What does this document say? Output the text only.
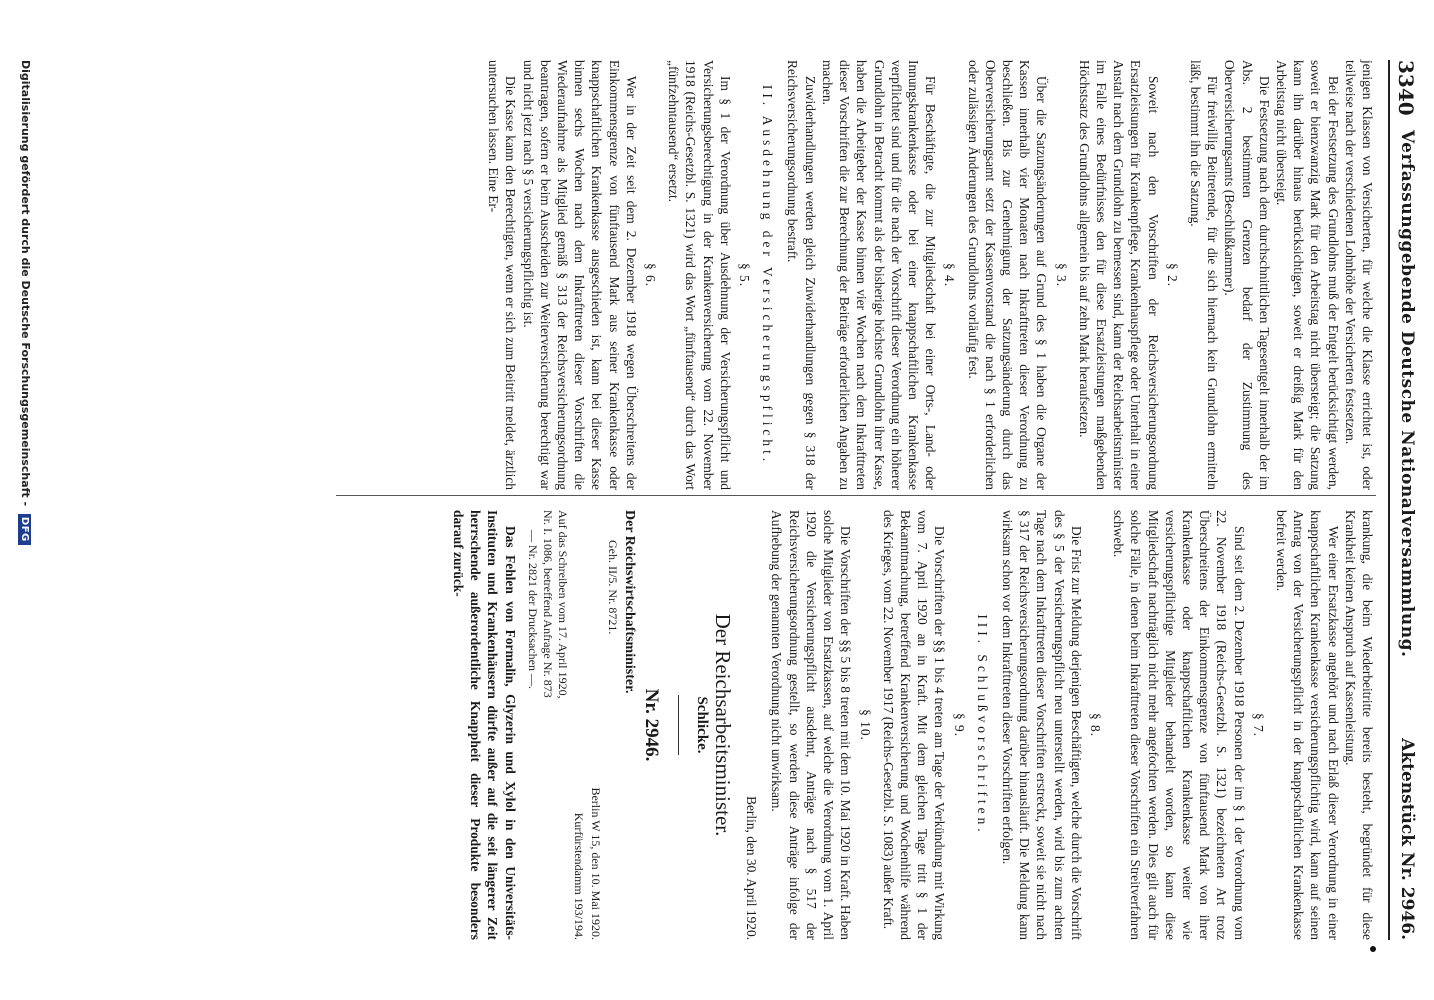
3340
Verfassunggebende Deutsche Nationalversammlung.
Aktenstück Nr. 2946.

jenigen Klassen von Versicherten, für welche die Klasse errichtet ist, oder teilweise nach der verschiedenen Lohnhöhe der Versicherten festsetzen.

Bei der Festsetzung des Grundlohns muß der Entgelt berücksichtigt werden, soweit er bienzwanzig Mark für den Arbeitstag nicht übersteigt; die Satzung kann ihn darüber hinaus berücksichtigen, soweit er dreißig Mark für den Arbeitstag nicht übersteigt.

Die Festsetzung nach dem durchschnittlichen Tagesentgelt innerhalb der im Abs. 2 bestimmten Grenzen bedarf der Zustimmung des Oberversicherungsamts (Beschlußkammer).

Für freiwillig Beitretende, für die sich hiernach kein Grundlohn ermitteln läßt, bestimmt ihn die Satzung.

§ 2.

Soweit nach den Vorschriften der Reichsversicherungsordnung Ersatzleistungen für Krankenpflege, Krankenhauspflege oder Unterhalt in einer Anstalt nach dem Grundlohn zu bemessen sind, kann der Reichsarbeitsminister im Falle eines Bedürfnisses den für diese Ersatzleistungen maßgebenden Höchstsatz des Grundlohns allgemein bis auf zehn Mark heraufsetzen.

§ 3.

Über die Satzungsänderungen auf Grund des § 1 haben die Organe der Kassen innerhalb vier Monaten nach Inkrafttreten dieser Verordnung zu beschließen. Bis zur Genehmigung der Satzungsänderung durch das Oberversicherungsamt setzt der Kassenvorstand die nach § 1 erforderlichen oder zulässigen Änderungen des Grundlohns vorläufig fest.

§ 4.

Für Beschäftigte, die zur Mitgliedschaft bei einer Orts-, Land- oder Innungskrankenkasse oder bei einer knappschaftlichen Krankenkasse verpflichtet sind und für die nach der Vorschrift dieser Verordnung ein höherer Grundlohn in Betracht kommt als der bisherige höchste Grundlohn ihrer Kasse, haben die Arbeitgeber der Kasse binnen vier Wochen nach dem Inkrafttreten dieser Vorschriften die zur Berechnung der Beiträge erforderlichen Angaben zu machen.

Zuwiderhandlungen werden gleich Zuwiderhandlungen gegen § 318 der Reichsversicherungsordnung bestraft.

II. Ausdehnung der Versicherungspflicht.
§ 5.

Im § 1 der Verordnung über Ausdehnung der Versicherungspflicht und Versicherungsberechtigung in der Krankenversicherung vom 22. November 1918 (Reichs-Gesetzbl. S. 1321) wird das Wort „fünftausend“ durch das Wort „fünfzehntausend“ ersetzt.

§ 6.

Wer in der Zeit seit dem 2. Dezember 1918 wegen Überschreitens der Einkommensgrenze von fünftausend Mark aus seiner Krankenkasse oder knappschaftlichen Krankenkasse ausgeschieden ist, kann bei dieser Kasse binnen sechs Wochen nach dem Inkrafttreten dieser Vorschriften die Wiederaufnahme als Mitglied gemäß § 313 der Reichsversicherungsordnung beantragen, sofern er beim Ausscheiden zur Weiterversicherung berechtigt war und nicht jetzt nach § 5 versicherungspflichtig ist.

Die Kasse kann den Berechtigten, wenn er sich zum Beitritt meldet, ärztlich untersuchen lassen. Eine Er-

krankung, die beim Wiederbeitritte bereits besteht, begründet für diese Krankheit keinen Anspruch auf Kassenleistung.

Wer einer Ersatzkasse angehört und nach Erlaß dieser Verordnung in einer knappschaftlichen Krankenkasse versicherungspflichtig wird, kann auf seinen Antrag von der Versicherungspflicht in der knappschaftlichen Krankenkasse befreit werden.

§ 7.

Sind seit dem 2. Dezember 1918 Personen der im § 1 der Verordnung vom 22. November 1918 (Reichs-Gesetzbl. S. 1321) bezeichneten Art trotz Überschreitens der Einkommensgrenze von fünftausend Mark von ihrer Krankenkasse oder knappschaftlichen Krankenkasse weiter wie versicherungspflichtige Mitglieder behandelt worden, so kann diese Mitgliedschaft nachträglich nicht mehr angefochten werden. Dies gilt auch für solche Fälle, in denen beim Inkrafttreten dieser Vorschriften ein Streitverfahren schwebt.

§ 8.

Die Frist zur Meldung derjenigen Beschäftigten, welche durch die Vorschrift des § 5 der Versicherungspflicht neu unterstellt werden, wird bis zum achten Tage nach dem Inkrafttreten dieser Vorschriften erstreckt, soweit sie nicht nach § 317 der Reichsversicherungsordnung darüber hinausläuft. Die Meldung kann wirksam schon vor dem Inkrafttreten dieser Vorschriften erfolgen.

III. Schlußvorschriften.
§ 9.

Die Vorschriften der §§ 1 bis 4 treten am Tage der Verkündung mit Wirkung vom 7. April 1920 an in Kraft. Mit dem gleichen Tage tritt § 1 der Bekanntmachung, betreffend Krankenversicherung und Wochenhilfe während des Krieges, vom 22. November 1917 (Reichs-Gesetzbl. S. 1083) außer Kraft.

§ 10.

Die Vorschriften der §§ 5 bis 8 treten mit dem 10. Mai 1920 in Kraft. Haben solche Mitglieder von Ersatzkassen, auf welche die Verordnung vom 1. April 1920 die Versicherungspflicht ausdehnt, Anträge nach § 517 der Reichsversicherungsordnung gestellt, so werden diese Anträge infolge der Aufhebung der genannten Verordnung nicht unwirksam.

Berlin, den 30. April 1920.
Der Reichsarbeitsminister.
Schlicke.
Nr. 2946.
Der Reichswirtschaftsminister.
Geh. II/5. Nr. 8721.
Berlin W 15, den 10. Mai 1920.
Kurfürstendamm 193/194.
Auf das Schreiben vom 17. April 1920,
Nr. I. 1086, betreffend Anfrage Nr. 873
— Nr. 2821 der Drucksachen —.

Das Fehlen von Formalin, Glyzerin und Xylol in den Universitäts-Instituten und Krankenhäusern dürfte außer auf die seit längerer Zeit herrschende außerordentliche Knappheit dieser Produkte besonders darauf zurück-

Digitalisierung gefördert durch die Deutsche Forschungsgemeinschaft - DFG
